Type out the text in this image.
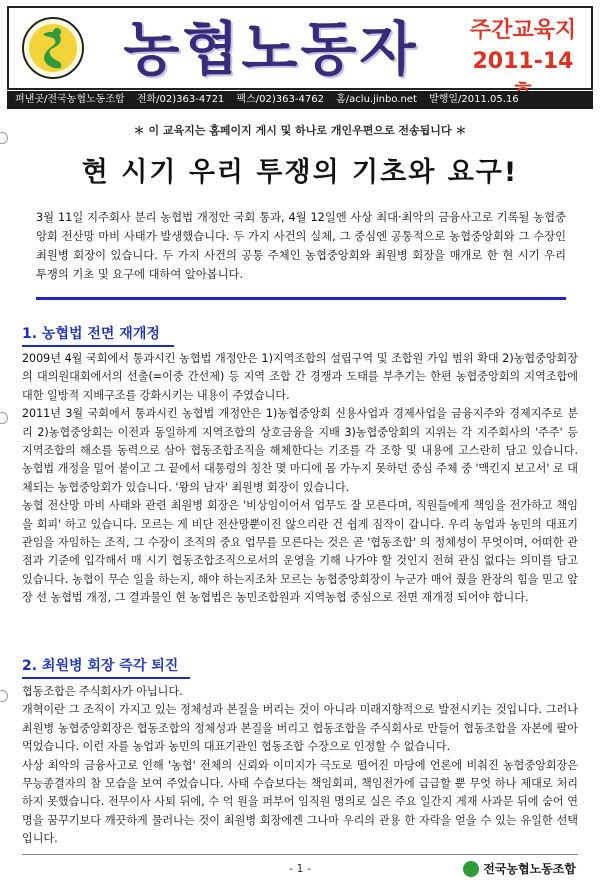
농협노동자	주간교육지
2011-14
펴낸곳/전국농협노동조합 전화/02)363-4721 팩스/02)363-4762 홈/aclu.jinbo.net 발행일/2011.05.16
＊ 이 교육지는 홈페이지 게시 및 하나로 개인우편으로 전송됩니다 ＊
현 시기 우리 투쟁의 기초와 요구!
3월 11일 지주회사 분리 농협법 개정안 국회 통과, 4월 12일엔 사상 최대·최악의 금융사고로 기록될 농협중앙회 전산망 마비 사태가 발생했습니다. 두 가지 사건의 실체, 그 중심엔 공통적으로 농협중앙회와 그 수장인 최원병 회장이 있습니다. 두 가지 사건의 공통 주체인 농협중앙회와 최원병 회장을 매개로 한 현 시기 우리 투쟁의 기초 및 요구에 대하여 알아봅니다.
1. 농협법 전면 재개정

2009년 4월 국회에서 통과시킨 농협법 개정안은 1)지역조합의 설립구역 및 조합원 가입 범위 확대 2)농협중앙회장의 대의원대회에서의 선출(=이중 간선제) 등 지역 조합 간 경쟁과 도태를 부추기는 한편 농협중앙회의 지역조합에 대한 일방적 지배구조를 강화시키는 내용이 주였습니다.

2011년 3월 국회에서 통과시킨 농협법 개정안은 1)농협중앙회 신용사업과 경제사업을 금융지주와 경제지주로 분리 2)농협중앙회는 이전과 동일하게 지역조합의 상호금융을 지배 3)농협중앙회의 지위는 각 지주회사의 '주주' 등 지역조합의 해소를 동력으로 삼아 협동조합조직을 해체한다는 기조를 각 조항 및 내용에 고스란히 담고 있습니다. 농협법 개정을 밀어 붙이고 그 끝에서 대통령의 칭찬 몇 마디에 몸 가누지 못하던 중심 주체 중 '맥킨지 보고서' 로 대체되는 농협중앙회가 있습니다. '왕의 남자' 최원병 회장이 있습니다.

농협 전산망 마비 사태와 관련 최원병 회장은 '비상임이어서 업무도 잘 모른다며, 직원들에게 책임을 전가하고 책임을 회피' 하고 있습니다. 모르는 게 비단 전산망뿐이진 않으리란 건 쉽게 짐작이 갑니다. 우리 농업과 농민의 대표기관임을 자임하는 조직, 그 수장이 조직의 중요 업무를 모른다는 것은 곧 '협동조합' 의 정체성이 무엇이며, 어떠한 관점과 기준에 입각해서 매 시기 협동조합조직으로서의 운영을 기해 나가야 할 것인지 전혀 관심 없다는 의미를 담고 있습니다. 농협이 무슨 일을 하는지, 해야 하는지조차 모르는 농협중앙회장이 누군가 매어 줬을 완장의 힘을 믿고 앞장 선 농협법 개정, 그 결과물인 현 농협법은 농민조합원과 지역농협 중심으로 전면 재개정 되어야 합니다.

2. 최원병 회장 즉각 퇴진

협동조합은 주식회사가 아닙니다.

개혁이란 그 조직이 가지고 있는 정체성과 본질을 버리는 것이 아니라 미래지향적으로 발전시키는 것입니다. 그러나 최원병 농협중앙회장은 협동조합의 정체성과 본질을 버리고 협동조합을 주식회사로 만들어 협동조합을 자본에 팔아 먹었습니다. 이런 자를 농업과 농민의 대표기관인 협동조합 수장으로 인정할 수 없습니다.

사상 최악의 금융사고로 인해 '농협' 전체의 신뢰와 이미지가 극도로 떨어진 마당에 언론에 비춰진 농협중앙회장은 무능종결자의 참 모습을 보여 주었습니다. 사태 수습보다는 책임회피, 책임전가에 급급할 뿐 무엇 하나 제대로 처리하지 못했습니다. 전무이사 사퇴 뒤에, 수 억 원을 퍼부어 임직원 명의로 실은 주요 일간지 게재 사과문 뒤에 숨어 연명을 꿈꾸기보다 깨끗하게 물러나는 것이 최원병 회장에겐 그나마 우리의 관용 한 자락을 얻을 수 있는 유일한 선택입니다.

- 1 -	전국농협노동조합
